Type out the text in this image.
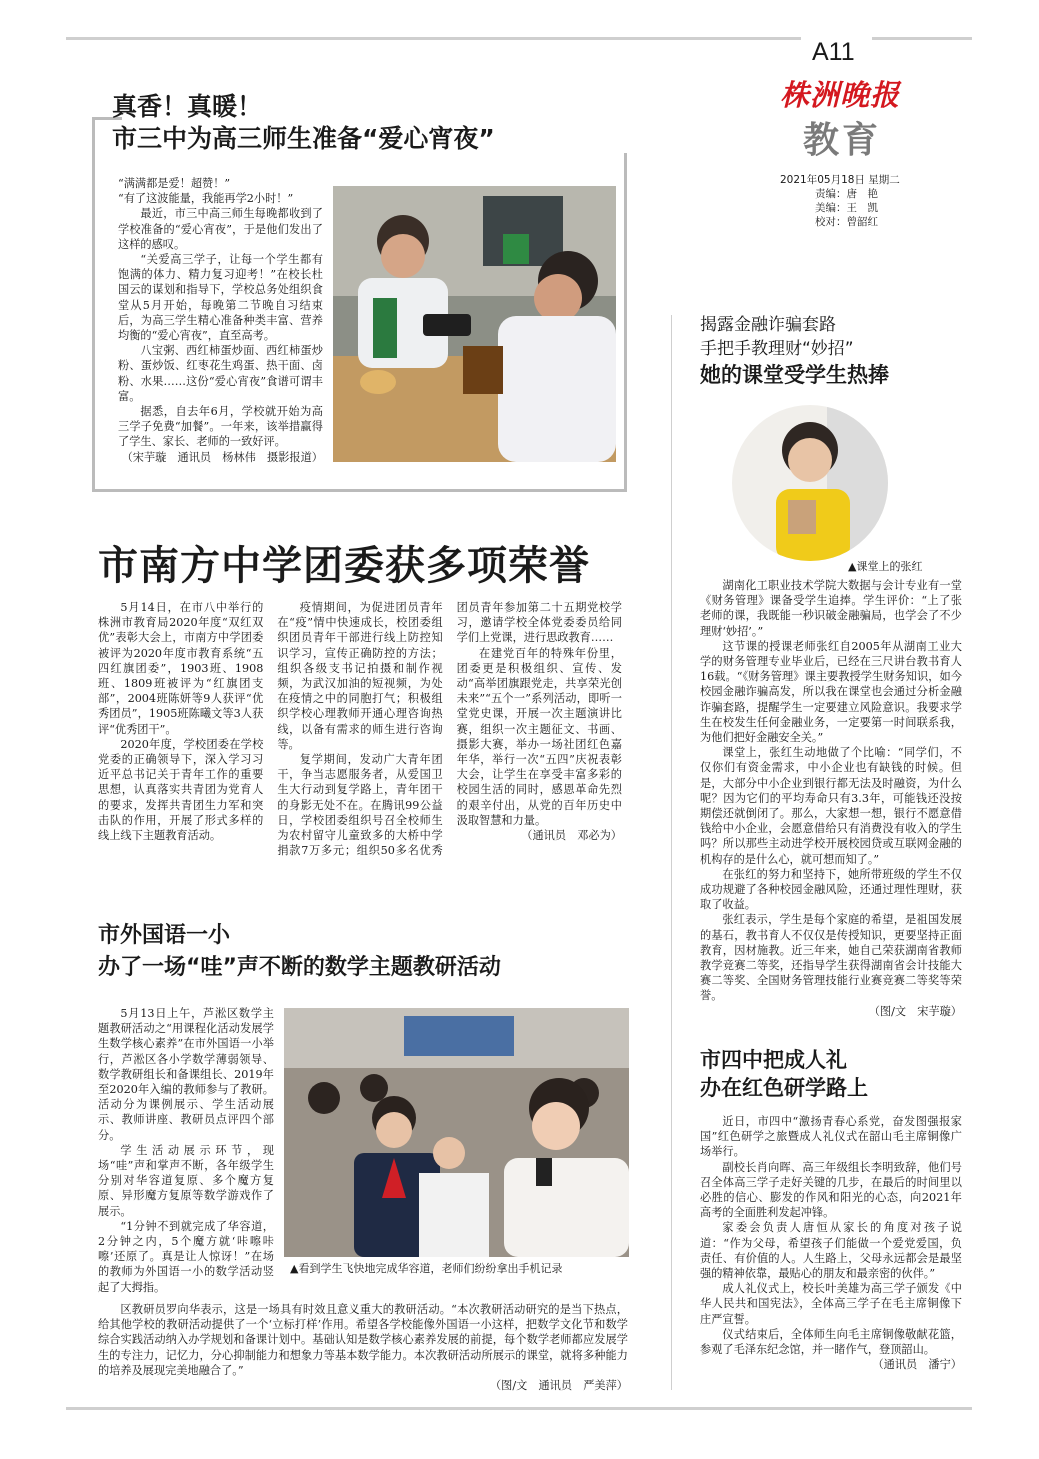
A11
株洲晚报
教育
2021年05月18日 星期二
责编：唐　艳
美编：王　凯
校对：曾韶红
真香！真暖！
市三中为高三师生准备“爱心宵夜”

“满满都是爱！超赞！”

“有了这波能量，我能再学2小时！”

最近，市三中高三师生每晚都收到了学校准备的“爱心宵夜”，于是他们发出了这样的感叹。

“关爱高三学子，让每一个学生都有饱满的体力、精力复习迎考！”在校长杜国云的谋划和指导下，学校总务处组织食堂从5月开始，每晚第二节晚自习结束后，为高三学生精心准备种类丰富、营养均衡的“爱心宵夜”，直至高考。

八宝粥、西红柿蛋炒面、西红柿蛋炒粉、蛋炒饭、红枣花生鸡蛋、热干面、卤粉、水果……这份“爱心宵夜”食谱可谓丰富。

据悉，自去年6月，学校就开始为高三学子免费“加餐”。一年来，该举措赢得了学生、家长、老师的一致好评。

（宋芋璇　通讯员　杨林伟　摄影报道）

市南方中学团委获多项荣誉

5月14日，在市八中举行的株洲市教育局2020年度“双红双优”表彰大会上，市南方中学团委被评为2020年度市教育系统“五四红旗团委”，1903班、1908班、1809班被评为“红旗团支部”，2004班陈妍等9人获评“优秀团员”，1905班陈曦文等3人获评“优秀团干”。

2020年度，学校团委在学校党委的正确领导下，深入学习习近平总书记关于青年工作的重要思想，认真落实共青团为党育人的要求，发挥共青团生力军和突击队的作用，开展了形式多样的线上线下主题教育活动。

疫情期间，为促进团员青年在“疫”情中快速成长，校团委组织团员青年干部进行线上防控知识学习，宣传正确防控的方法；组织各级支书记拍摄和制作视频，为武汉加油的短视频，为处在疫情之中的同胞打气；积极组织学校心理教师开通心理咨询热线，以备有需求的师生进行咨询等。

复学期间，发动广大青年团干，争当志愿服务者，从爱国卫生大行动到复学路上，青年团干的身影无处不在。在腾讯99公益日，学校团委组织号召全校师生为农村留守儿童致多的大桥中学捐款7万多元；组织50多名优秀团员青年参加第二十五期党校学习，邀请学校全体党委委员给同学们上党课，进行思政教育……

在建党百年的特殊年份里，团委更是积极组织、宣传、发动“高举团旗跟党走，共享荣光创未来”“五个一”系列活动，即听一堂党史课，开展一次主题演讲比赛，组织一次主题征文、书画、摄影大赛，举办一场社团红色嘉年华，举行一次“五四”庆祝表彰大会，让学生在享受丰富多彩的校园生活的同时，感恩革命先烈的艰辛付出，从党的百年历史中汲取智慧和力量。

（通讯员　邓必为）

市外国语一小
办了一场“哇”声不断的数学主题教研活动
▲看到学生飞快地完成华容道，老师们纷纷拿出手机记录

5月13日上午，芦淞区数学主题教研活动之“用课程化活动发展学生数学核心素养”在市外国语一小举行，芦淞区各小学数学薄弱领导、数学教研组长和备课组长、2019年至2020年入编的教师参与了教研。活动分为课例展示、学生活动展示、教师讲座、教研员点评四个部分。

学生活动展示环节，现场“哇”声和掌声不断，各年级学生分别对华容道复原、多个魔方复原、异形魔方复原等数学游戏作了展示。

“1分钟不到就完成了华容道，2分钟之内，5个魔方就‘咔嚓咔嚓’还原了。真是让人惊讶！”在场的教师为外国语一小的数学活动竖起了大拇指。

区教研员罗向华表示，这是一场具有时效且意义重大的教研活动。“本次教研活动研究的是当下热点，给其他学校的教研活动提供了一个‘立标打样’作用。希望各学校能像外国语一小这样，把数学文化节和数学综合实践活动纳入办学规划和备课计划中。基础认知是数学核心素养发展的前提，每个数学老师都应发展学生的专注力，记忆力，分心抑制能力和想象力等基本数学能力。本次教研活动所展示的课堂，就将多种能力的培养及展现完美地融合了。”

（图/文　通讯员　严美萍）

揭露金融诈骗套路
手把手教理财“妙招”
她的课堂受学生热捧
▲课堂上的张红

湖南化工职业技术学院大数据与会计专业有一堂《财务管理》课备受学生追捧。学生评价：“上了张老师的课，我既能一秒识破金融骗局，也学会了不少理财‘妙招’。”

这节课的授课老师张红自2005年从湖南工业大学的财务管理专业毕业后，已经在三尺讲台教书育人16载。“《财务管理》课主要教授学生财务知识，如今校园金融诈骗高发，所以我在课堂也会通过分析金融诈骗套路，提醒学生一定要建立风险意识。我要求学生在校发生任何金融业务，一定要第一时间联系我，为他们把好金融安全关。”

课堂上，张红生动地做了个比喻：“同学们，不仅你们有资金需求，中小企业也有缺钱的时候。但是，大部分中小企业到银行都无法及时融资，为什么呢？因为它们的平均寿命只有3.3年，可能钱还没按期偿还就倒闭了。那么，大家想一想，银行不愿意借钱给中小企业，会愿意借给只有消费没有收入的学生吗？所以那些主动进学校开展校园贷或互联网金融的机构存的是什么心，就可想而知了。”

在张红的努力和坚持下，她所带班级的学生不仅成功规避了各种校园金融风险，还通过理性理财，获取了收益。

张红表示，学生是每个家庭的希望，是祖国发展的基石，教书育人不仅仅是传授知识，更要坚持正面教育，因材施教。近三年来，她自己荣获湖南省教师教学竞赛二等奖，还指导学生获得湖南省会计技能大赛二等奖、全国财务管理技能行业赛竞赛二等奖等荣誉。

（图/文　宋芋璇）

市四中把成人礼
办在红色研学路上

近日，市四中“激扬青春心系党，奋发图强报家国”红色研学之旅暨成人礼仪式在韶山毛主席铜像广场举行。

副校长肖向晖、高三年级组长李明致辞，他们号召全体高三学子走好关键的几步，在最后的时间里以必胜的信心、膨发的作风和阳光的心态，向2021年高考的全面胜利发起冲锋。

家委会负责人唐恒从家长的角度对孩子说道：“作为父母，希望孩子们能做一个爱党爱国，负责任、有价值的人。人生路上，父母永远都会是最坚强的精神依靠，最贴心的朋友和最亲密的伙伴。”

成人礼仪式上，校长叶美雄为高三学子颁发《中华人民共和国宪法》，全体高三学子在毛主席铜像下庄严宣誓。

仪式结束后，全体师生向毛主席铜像敬献花篮，参观了毛泽东纪念馆，并一睹作气，登顶韶山。

（通讯员　潘宁）
